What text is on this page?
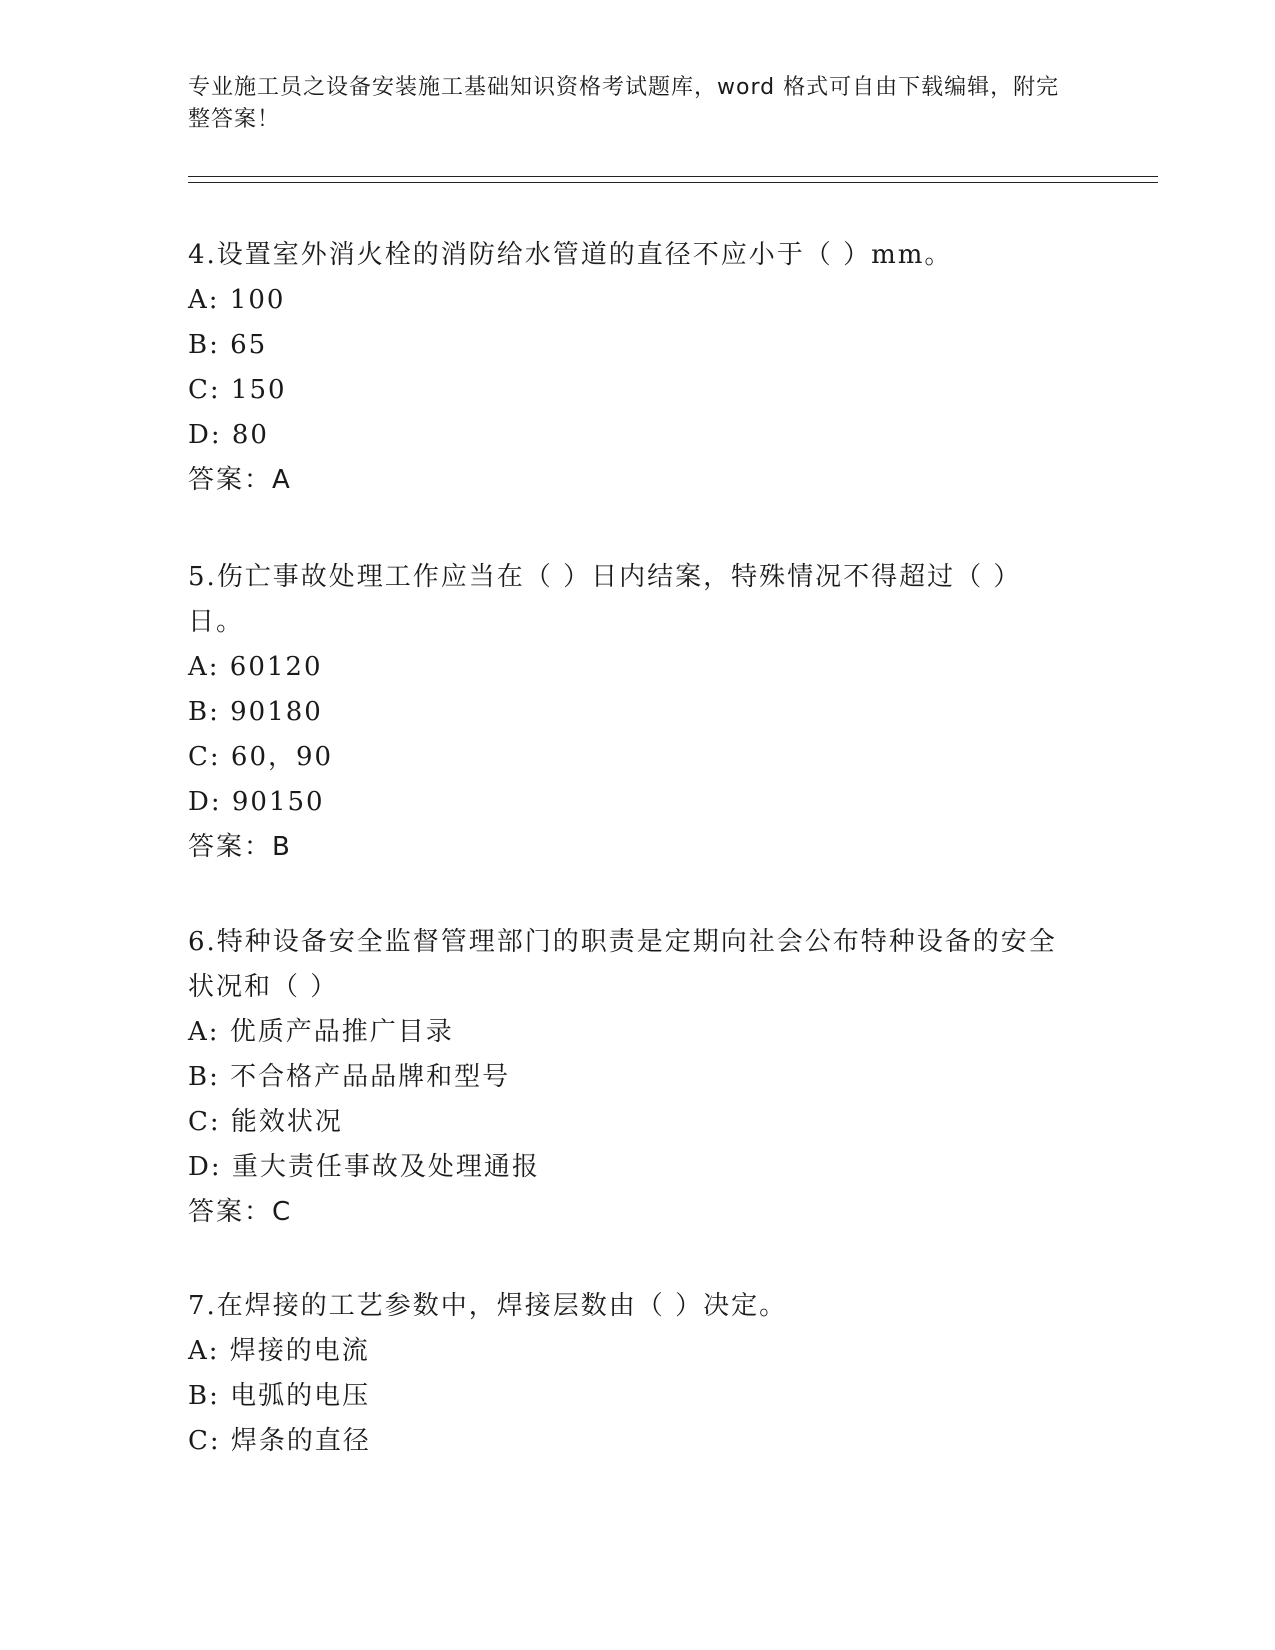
专业施工员之设备安装施工基础知识资格考试题库，word 格式可自由下载编辑，附完整答案！

4.设置室外消火栓的消防给水管道的直径不应小于（ ）mm。

A: 100

B: 65

C: 150

D: 80

答案：A

5.伤亡事故处理工作应当在（ ）日内结案，特殊情况不得超过（ ）日。

A: 60120

B: 90180

C: 60，90

D: 90150

答案：B

6.特种设备安全监督管理部门的职责是定期向社会公布特种设备的安全状况和（ ）

A: 优质产品推广目录

B: 不合格产品品牌和型号

C: 能效状况

D: 重大责任事故及处理通报

答案：C

7.在焊接的工艺参数中，焊接层数由（ ）决定。

A: 焊接的电流

B: 电弧的电压

C: 焊条的直径
